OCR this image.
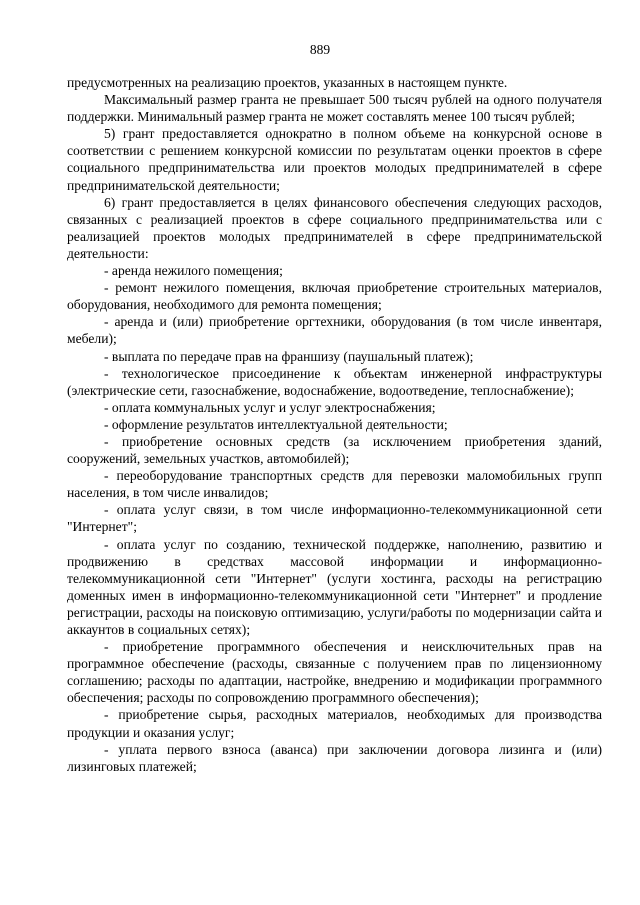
889

предусмотренных на реализацию проектов, указанных в настоящем пункте.

Максимальный размер гранта не превышает 500 тысяч рублей на одного получателя поддержки. Минимальный размер гранта не может составлять менее 100 тысяч рублей;

5) грант предоставляется однократно в полном объеме на конкурсной основе в соответствии с решением конкурсной комиссии по результатам оценки проектов в сфере социального предпринимательства или проектов молодых предпринимателей в сфере предпринимательской деятельности;

6) грант предоставляется в целях финансового обеспечения следующих расходов, связанных с реализацией проектов в сфере социального предпринимательства или с реализацией проектов молодых предпринимателей в сфере предпринимательской деятельности:

- аренда нежилого помещения;

- ремонт нежилого помещения, включая приобретение строительных материалов, оборудования, необходимого для ремонта помещения;

- аренда и (или) приобретение оргтехники, оборудования (в том числе инвентаря, мебели);

- выплата по передаче прав на франшизу (паушальный платеж);

- технологическое присоединение к объектам инженерной инфраструктуры (электрические сети, газоснабжение, водоснабжение, водоотведение, теплоснабжение);

- оплата коммунальных услуг и услуг электроснабжения;

- оформление результатов интеллектуальной деятельности;

- приобретение основных средств (за исключением приобретения зданий, сооружений, земельных участков, автомобилей);

- переоборудование транспортных средств для перевозки маломобильных групп населения, в том числе инвалидов;

- оплата услуг связи, в том числе информационно-телекоммуникационной сети "Интернет";

- оплата услуг по созданию, технической поддержке, наполнению, развитию и продвижению в средствах массовой информации и информационно-телекоммуникационной сети "Интернет" (услуги хостинга, расходы на регистрацию доменных имен в информационно-телекоммуникационной сети "Интернет" и продление регистрации, расходы на поисковую оптимизацию, услуги/работы по модернизации сайта и аккаунтов в социальных сетях);

- приобретение программного обеспечения и неисключительных прав на программное обеспечение (расходы, связанные с получением прав по лицензионному соглашению; расходы по адаптации, настройке, внедрению и модификации программного обеспечения; расходы по сопровождению программного обеспечения);

- приобретение сырья, расходных материалов, необходимых для производства продукции и оказания услуг;

- уплата первого взноса (аванса) при заключении договора лизинга и (или) лизинговых платежей;
